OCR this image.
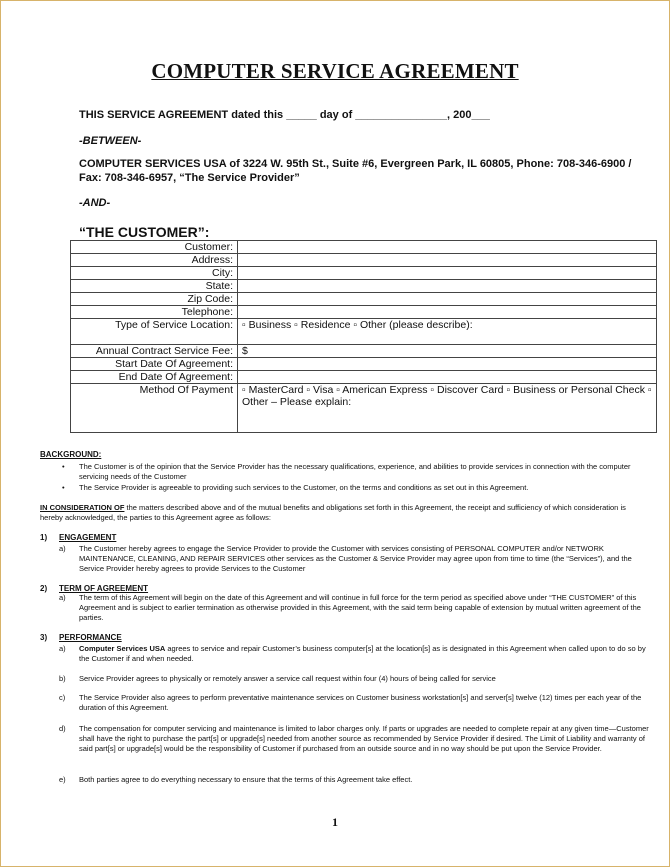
COMPUTER SERVICE AGREEMENT
THIS SERVICE AGREEMENT dated this _____ day of _______________, 200___
-BETWEEN-
COMPUTER SERVICES USA of 3224 W. 95th St., Suite #6, Evergreen Park, IL 60805, Phone: 708-346-6900 /
Fax: 708-346-6957, “The Service Provider”
-AND-
“THE CUSTOMER”:
Customer:	
Address:	
City:	
State:	
Zip Code:	
Telephone:	
Type of Service Location:	▫ Business ▫ Residence ▫ Other (please describe):
Annual Contract Service Fee:	$
Start Date Of Agreement:	
End Date Of Agreement:	
Method Of Payment	▫ MasterCard ▫ Visa ▫ American Express ▫ Discover Card ▫ Business or Personal Check ▫ Other – Please explain:
BACKGROUND:
• The Customer is of the opinion that the Service Provider has the necessary qualifications, experience, and abilities to provide services in connection with the computer servicing needs of the Customer
• The Service Provider is agreeable to providing such services to the Customer, on the terms and conditions as set out in this Agreement.
IN CONSIDERATION OF the matters described above and of the mutual benefits and obligations set forth in this Agreement, the receipt and sufficiency of which consideration is hereby acknowledged, the parties to this Agreement agree as follows:
1) ENGAGEMENT
a) The Customer hereby agrees to engage the Service Provider to provide the Customer with services consisting of PERSONAL COMPUTER and/or NETWORK MAINTENANCE, CLEANING, AND REPAIR SERVICES other services as the Customer & Service Provider may agree upon from time to time (the “Services”), and the Service Provider hereby agrees to provide Services to the Customer
2) TERM OF AGREEMENT
a) The term of this Agreement will begin on the date of this Agreement and will continue in full force for the term period as specified above under “THE CUSTOMER” of this Agreement and is subject to earlier termination as otherwise provided in this Agreement, with the said term being capable of extension by mutual written agreement of the parties.
3) PERFORMANCE
a) Computer Services USA agrees to service and repair Customer’s business computer[s] at the location[s] as is designated in this Agreement when called upon to do so by the Customer if and when needed.
b) Service Provider agrees to physically or remotely answer a service call request within four (4) hours of being called for service
c) The Service Provider also agrees to perform preventative maintenance services on Customer business workstation[s] and server[s] twelve (12) times per each year of the duration of this Agreement.
d) The compensation for computer servicing and maintenance is limited to labor charges only. If parts or upgrades are needed to complete repair at any given time—Customer shall have the right to purchase the part[s] or upgrade[s] needed from another source as recommended by Service Provider if desired. The Limit of Liability and warranty of said part[s] or upgrade[s] would be the responsibility of Customer if purchased from an outside source and in no way should be put upon the Service Provider.
e) Both parties agree to do everything necessary to ensure that the terms of this Agreement take effect.
1
